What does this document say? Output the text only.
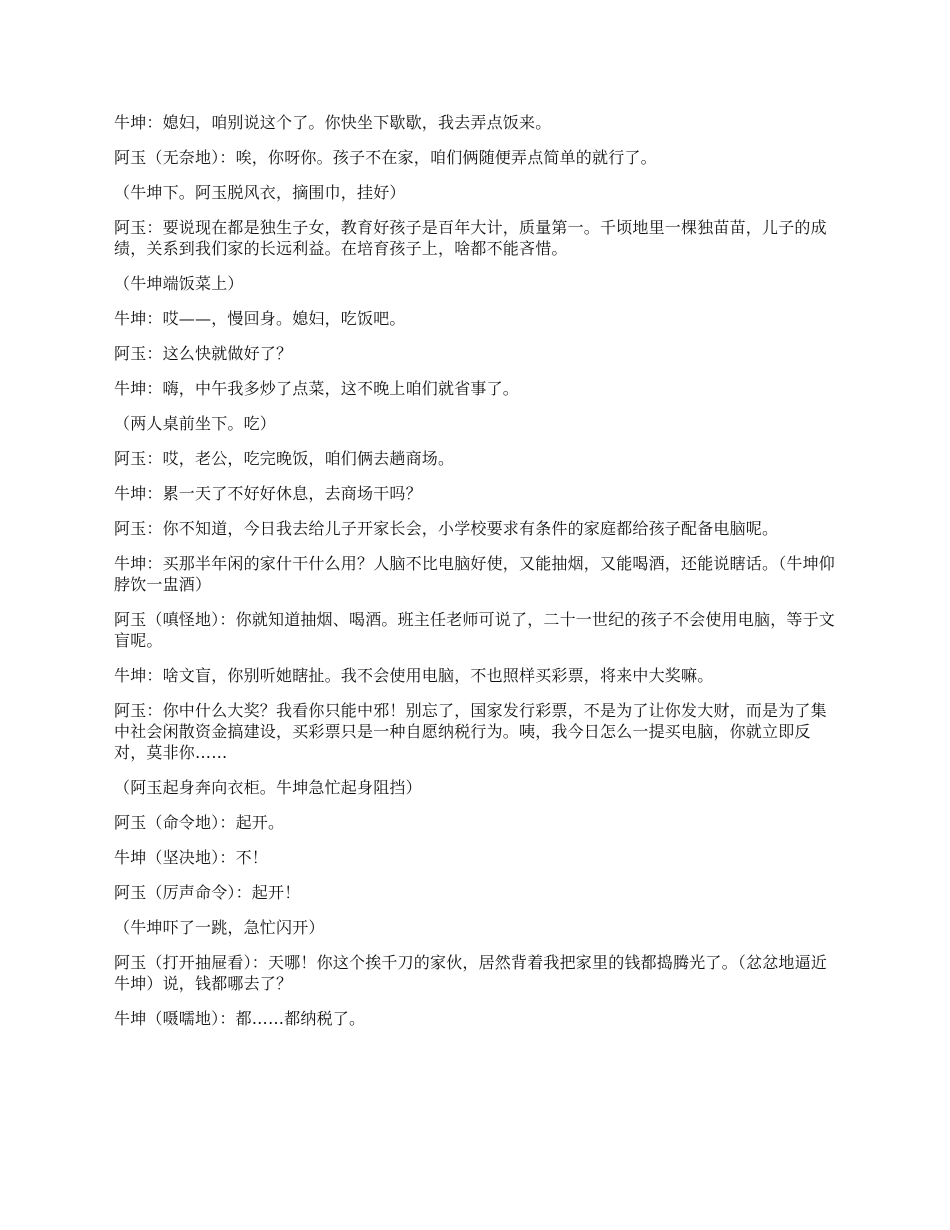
牛坤：媳妇，咱别说这个了。你快坐下歇歇，我去弄点饭来。

阿玉（无奈地）：唉，你呀你。孩子不在家，咱们俩随便弄点简单的就行了。

（牛坤下。阿玉脱风衣，摘围巾，挂好）

阿玉：要说现在都是独生子女，教育好孩子是百年大计，质量第一。千顷地里一棵独苗苗，儿子的成绩，关系到我们家的长远利益。在培育孩子上，啥都不能吝惜。

（牛坤端饭菜上）

牛坤：哎——，慢回身。媳妇，吃饭吧。

阿玉：这么快就做好了？

牛坤：嗨，中午我多炒了点菜，这不晚上咱们就省事了。

（两人桌前坐下。吃）

阿玉：哎，老公，吃完晚饭，咱们俩去趟商场。

牛坤：累一天了不好好休息，去商场干吗？

阿玉：你不知道，今日我去给儿子开家长会，小学校要求有条件的家庭都给孩子配备电脑呢。

牛坤：买那半年闲的家什干什么用？人脑不比电脑好使，又能抽烟，又能喝酒，还能说瞎话。（牛坤仰脖饮一盅酒）

阿玉（嗔怪地）：你就知道抽烟、喝酒。班主任老师可说了，二十一世纪的孩子不会使用电脑，等于文盲呢。

牛坤：啥文盲，你别听她瞎扯。我不会使用电脑，不也照样买彩票，将来中大奖嘛。

阿玉：你中什么大奖？我看你只能中邪！别忘了，国家发行彩票，不是为了让你发大财，而是为了集中社会闲散资金搞建设，买彩票只是一种自愿纳税行为。咦，我今日怎么一提买电脑，你就立即反对，莫非你……

（阿玉起身奔向衣柜。牛坤急忙起身阻挡）

阿玉（命令地）：起开。

牛坤（坚决地）：不！

阿玉（厉声命令）：起开！

（牛坤吓了一跳，急忙闪开）

阿玉（打开抽屉看）：天哪！你这个挨千刀的家伙，居然背着我把家里的钱都捣腾光了。（忿忿地逼近牛坤）说，钱都哪去了？

牛坤（嗫嚅地）：都……都纳税了。
